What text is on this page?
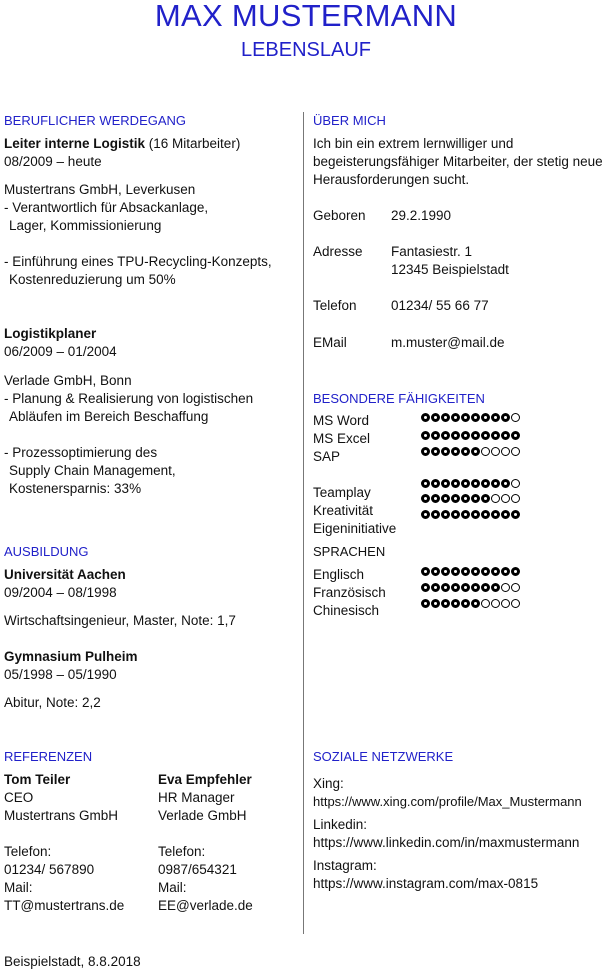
MAX MUSTERMANN
LEBENSLAUF
BERUFLICHER WERDEGANG
Leiter interne Logistik (16 Mitarbeiter)
08/2009 – heute
Mustertrans GmbH, Leverkusen
- Verantwortlich für Absackanlage,
Lager, Kommissionierung
- Einführung eines TPU-Recycling-Konzepts,
Kostenreduzierung um 50%
Logistikplaner
06/2009 – 01/2004
Verlade GmbH, Bonn
- Planung & Realisierung von logistischen
Abläufen im Bereich Beschaffung
- Prozessoptimierung des
Supply Chain Management,
Kostenersparnis: 33%
AUSBILDUNG
Universität Aachen
09/2004 – 08/1998
Wirtschaftsingenieur, Master, Note: 1,7
Gymnasium Pulheim
05/1998 – 05/1990
Abitur, Note: 2,2
ÜBER MICH
Ich bin ein extrem lernwilliger und
begeisterungsfähiger Mitarbeiter, der stetig neue
Herausforderungen sucht.
Geboren 29.2.1990
Adresse Fantasiestr. 1
12345 Beispielstadt
Telefon	01234/ 55 66 77
EMail	m.muster@mail.de
BESONDERE FÄHIGKEITEN
MS Word
MS Excel
SAP
Teamplay
Kreativität
Eigeninitiative
SPRACHEN
Englisch
Französisch
Chinesisch
REFERENZEN
Tom Teiler
CEO
Mustertrans GmbH
Telefon:
01234/ 567890
Mail:
TT@mustertrans.de
Eva Empfehler
HR Manager
Verlade GmbH
Telefon:
0987/654321
Mail:
EE@verlade.de
SOZIALE NETZWERKE
Xing:
https://www.xing.com/profile/Max_Mustermann
Linkedin:
https://www.linkedin.com/in/maxmustermann
Instagram:
https://www.instagram.com/max-0815
Beispielstadt, 8.8.2018
